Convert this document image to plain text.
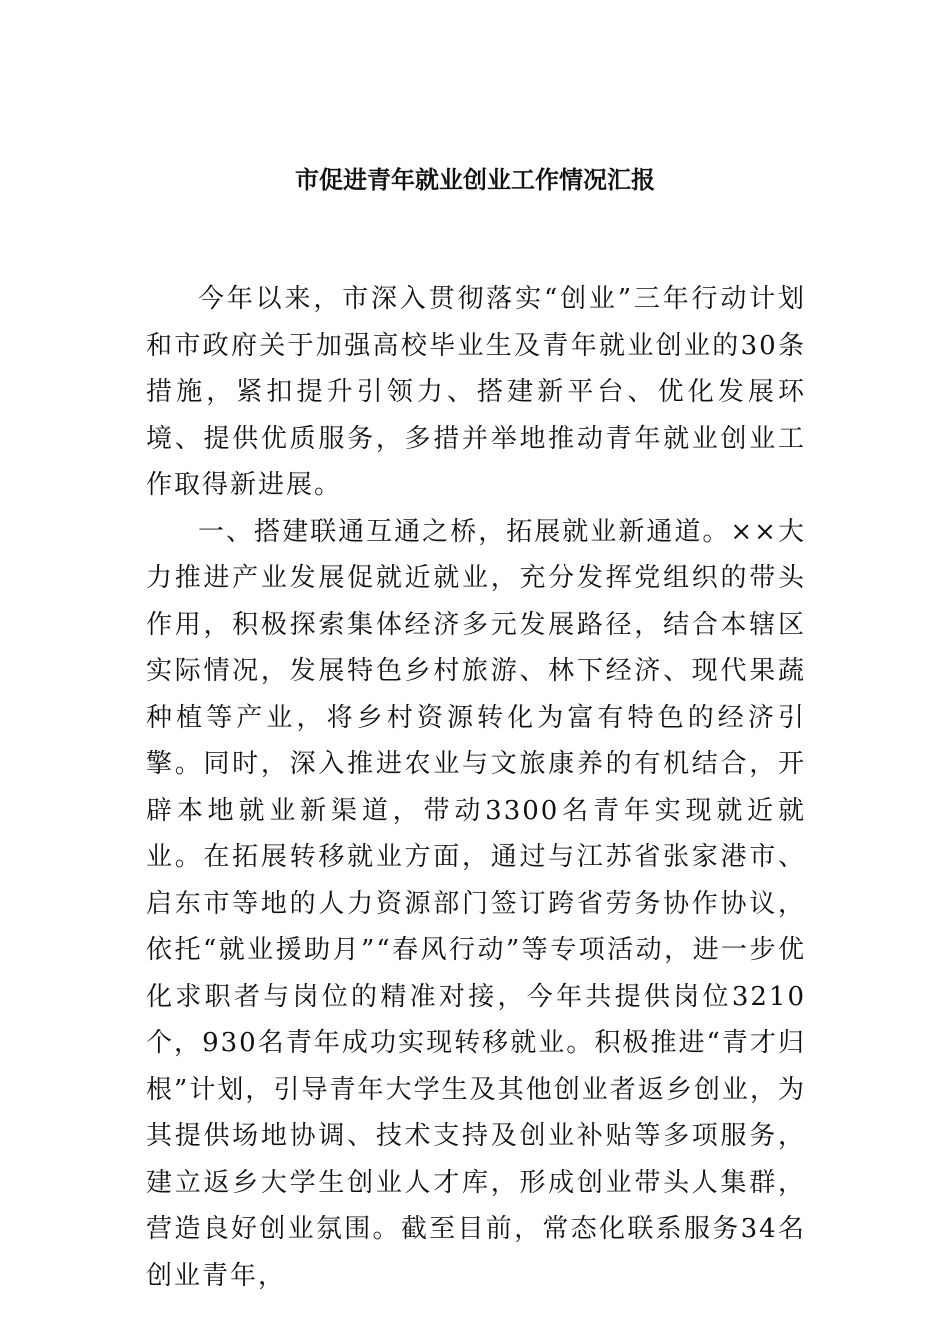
市促进青年就业创业工作情况汇报

今年以来，市深入贯彻落实“创业”三年行动计划和市政府关于加强高校毕业生及青年就业创业的30条措施，紧扣提升引领力、搭建新平台、优化发展环境、提供优质服务，多措并举地推动青年就业创业工作取得新进展。

一、搭建联通互通之桥，拓展就业新通道。××大力推进产业发展促就近就业，充分发挥党组织的带头作用，积极探索集体经济多元发展路径，结合本辖区实际情况，发展特色乡村旅游、林下经济、现代果蔬种植等产业，将乡村资源转化为富有特色的经济引擎。同时，深入推进农业与文旅康养的有机结合，开辟本地就业新渠道，带动3300名青年实现就近就业。在拓展转移就业方面，通过与江苏省张家港市、启东市等地的人力资源部门签订跨省劳务协作协议，依托“就业援助月”“春风行动”等专项活动，进一步优化求职者与岗位的精准对接，今年共提供岗位3210个，930名青年成功实现转移就业。积极推进“青才归根”计划，引导青年大学生及其他创业者返乡创业，为其提供场地协调、技术支持及创业补贴等多项服务，建立返乡大学生创业人才库，形成创业带头人集群，营造良好创业氛围。截至目前，常态化联系服务34名创业青年，
